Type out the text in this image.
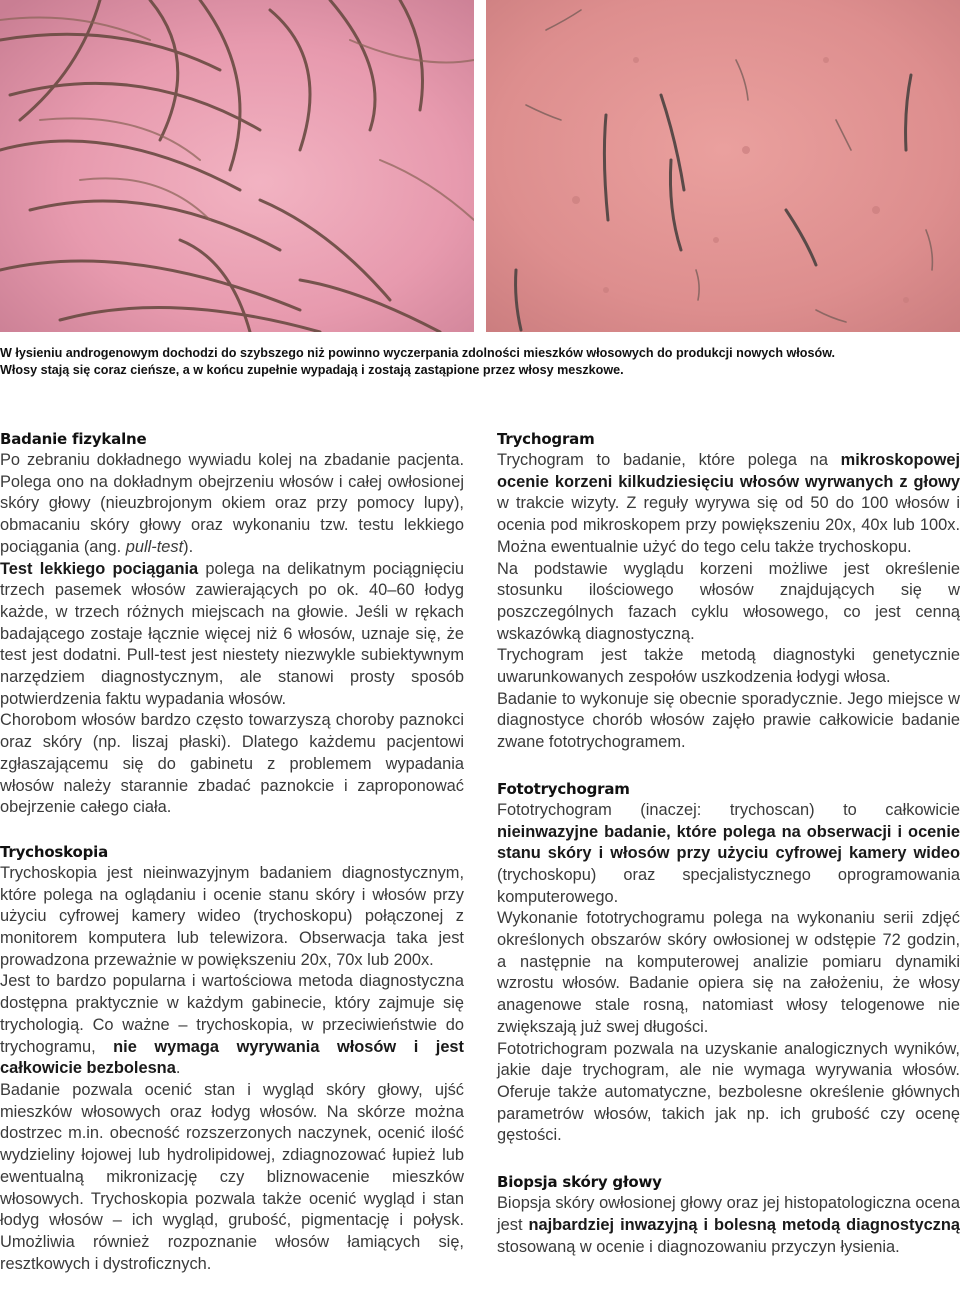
W łysieniu androgenowym dochodzi do szybszego niż powinno wyczerpania zdolności mieszków włosowych do produkcji nowych włosów.

Włosy stają się coraz cieńsze, a w końcu zupełnie wypadają i zostają zastąpione przez włosy meszkowe.

Badanie fizykalne

Po zebraniu dokładnego wywiadu kolej na zbadanie pacjenta. Polega ono na dokładnym obejrzeniu włosów i całej owłosionej skóry głowy (nieuzbrojonym okiem oraz przy pomocy lupy), obmacaniu skóry głowy oraz wykonaniu tzw. testu lekkiego pociągania (ang. pull-test).

Test lekkiego pociągania polega na delikatnym pociągnięciu trzech pasemek włosów zawierających po ok. 40–60 łodyg każde, w trzech różnych miejscach na głowie. Jeśli w rękach badającego zostaje łącznie więcej niż 6 włosów, uznaje się, że test jest dodatni. Pull-test jest niestety niezwykle subiektywnym narzędziem diagnostycznym, ale stanowi prosty sposób potwierdzenia faktu wypadania włosów.

Chorobom włosów bardzo często towarzyszą choroby paznokci oraz skóry (np. liszaj płaski). Dlatego każdemu pacjentowi zgłaszającemu się do gabinetu z problemem wypadania włosów należy starannie zbadać paznokcie i zaproponować obejrzenie całego ciała.

Trychoskopia

Trychoskopia jest nieinwazyjnym badaniem diagnostycznym, które polega na oglądaniu i ocenie stanu skóry i włosów przy użyciu cyfrowej kamery wideo (trychoskopu) połączonej z monitorem komputera lub telewizora. Obserwacja taka jest prowadzona przeważnie w powiększeniu 20x, 70x lub 200x.

Jest to bardzo popularna i wartościowa metoda diagnostyczna dostępna praktycznie w każdym gabinecie, który zajmuje się trychologią. Co ważne – trychoskopia, w przeciwieństwie do trychogramu, nie wymaga wyrywania włosów i jest całkowicie bezbolesna.

Badanie pozwala ocenić stan i wygląd skóry głowy, ujść mieszków włosowych oraz łodyg włosów. Na skórze można dostrzec m.in. obecność rozszerzonych naczynek, ocenić ilość wydzieliny łojowej lub hydrolipidowej, zdiagnozować łupież lub ewentualną mikronizację czy bliznowacenie mieszków włosowych. Trychoskopia pozwala także ocenić wygląd i stan łodyg włosów – ich wygląd, grubość, pigmentację i połysk. Umożliwia również rozpoznanie włosów łamiących się, resztkowych i dystroficznych.

Trychogram

Trychogram to badanie, które polega na mikroskopowej ocenie korzeni kilkudziesięciu włosów wyrwanych z głowy w trakcie wizyty. Z reguły wyrywa się od 50 do 100 włosów i ocenia pod mikroskopem przy powiększeniu 20x, 40x lub 100x. Można ewentualnie użyć do tego celu także trychoskopu.

Na podstawie wyglądu korzeni możliwe jest określenie stosunku ilościowego włosów znajdujących się w poszczególnych fazach cyklu włosowego, co jest cenną wskazówką diagnostyczną.

Trychogram jest także metodą diagnostyki genetycznie uwarunkowanych zespołów uszkodzenia łodygi włosa.

Badanie to wykonuje się obecnie sporadycznie. Jego miejsce w diagnostyce chorób włosów zajęło prawie całkowicie badanie zwane fototrychogramem.

Fototrychogram

Fototrychogram (inaczej: trychoscan) to całkowicie nieinwazyjne badanie, które polega na obserwacji i ocenie stanu skóry i włosów przy użyciu cyfrowej kamery wideo (trychoskopu) oraz specjalistycznego oprogramowania komputerowego.

Wykonanie fototrychogramu polega na wykonaniu serii zdjęć określonych obszarów skóry owłosionej w odstępie 72 godzin, a następnie na komputerowej analizie pomiaru dynamiki wzrostu włosów. Badanie opiera się na założeniu, że włosy anagenowe stale rosną, natomiast włosy telogenowe nie zwiększają już swej długości.

Fototrichogram pozwala na uzyskanie analogicznych wyników, jakie daje trychogram, ale nie wymaga wyrywania włosów. Oferuje także automatyczne, bezbolesne określenie głównych parametrów włosów, takich jak np. ich grubość czy ocenę gęstości.

Biopsja skóry głowy

Biopsja skóry owłosionej głowy oraz jej histopatologiczna ocena jest najbardziej inwazyjną i bolesną metodą diagnostyczną stosowaną w ocenie i diagnozowaniu przyczyn łysienia.
